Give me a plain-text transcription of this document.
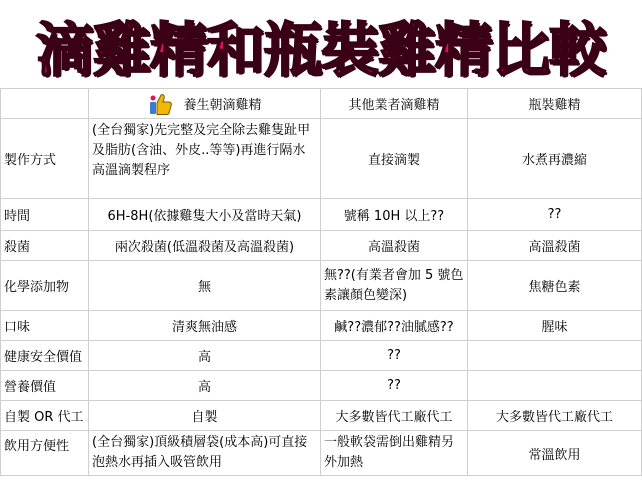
滴雞精和瓶裝雞精比較

	養生朝滴雞精	其他業者滴雞精	瓶裝雞精
製作方式	(全台獨家)先完整及完全除去雞隻趾甲及脂肪(含油、外皮..等等)再進行隔水高溫滴製程序	直接滴製	水煮再濃縮
時間	6H-8H(依據雞隻大小及當時天氣)	號稱 10H 以上??	??
殺菌	兩次殺菌(低溫殺菌及高溫殺菌)	高溫殺菌	高溫殺菌
化學添加物	無	無??(有業者會加 5 號色素讓顏色變深)	焦糖色素
口味	清爽無油感	鹹??濃郁??油膩感??	腥味
健康安全價值	高	??	
營養價值	高	??	
自製 OR 代工	自製	大多數皆代工廠代工	大多數皆代工廠代工
飲用方便性	(全台獨家)頂級積層袋(成本高)可直接泡熱水再插入吸管飲用	一般軟袋需倒出雞精另外加熱	常溫飲用
